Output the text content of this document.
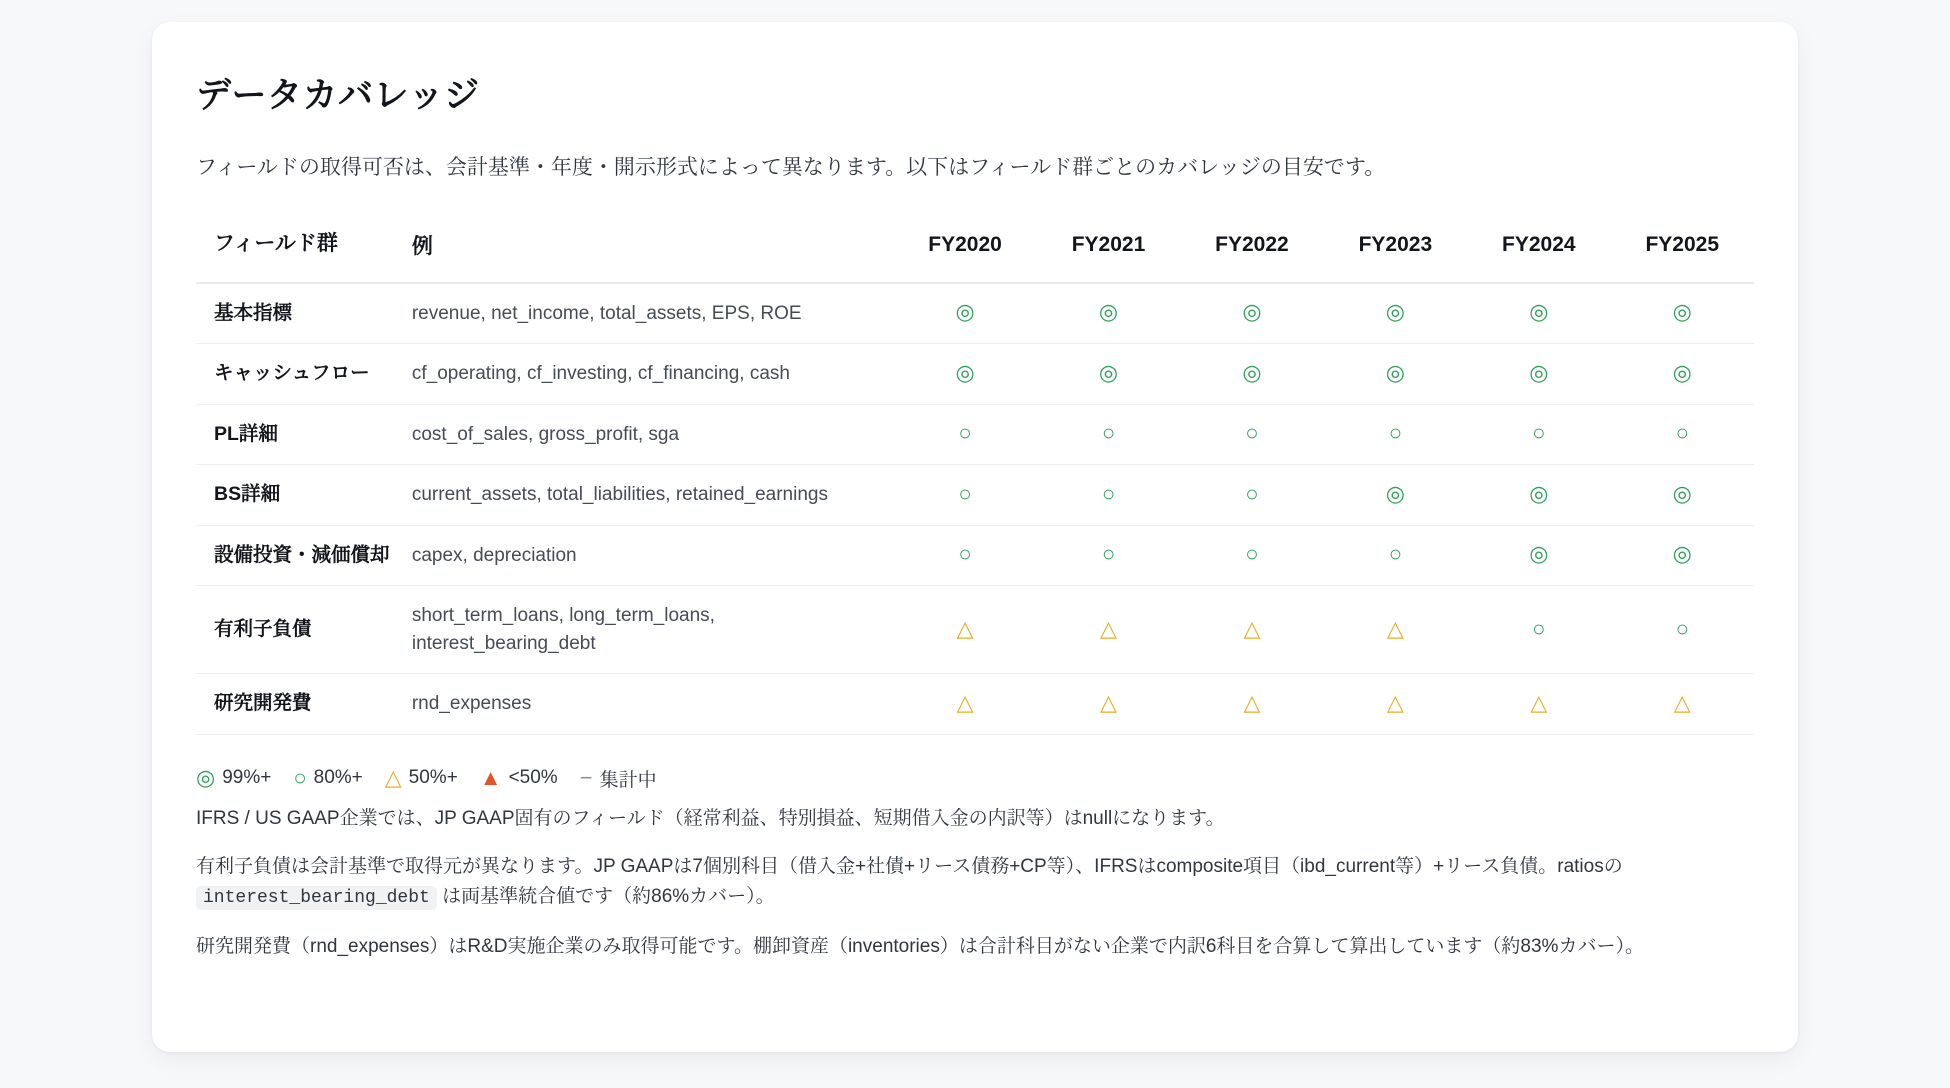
データカバレッジ

フィールドの取得可否は、会計基準・年度・開示形式によって異なります。以下はフィールド群ごとのカバレッジの目安です。

フィールド群	例	FY2020	FY2021	FY2022	FY2023	FY2024	FY2025
基本指標	revenue, net_income, total_assets, EPS, ROE	◎	◎	◎	◎	◎	◎
キャッシュフロー	cf_operating, cf_investing, cf_financing, cash	◎	◎	◎	◎	◎	◎
PL詳細	cost_of_sales, gross_profit, sga	○	○	○	○	○	○
BS詳細	current_assets, total_liabilities, retained_earnings	○	○	○	◎	◎	◎
設備投資・減価償却	capex, depreciation	○	○	○	○	◎	◎
有利子負債	short_term_loans, long_term_loans, interest_bearing_debt	△	△	△	△	○	○
研究開発費	rnd_expenses	△	△	△	△	△	△
◎ 99%+ ○ 80%+ △ 50%+ ▲ <50% − 集計中

IFRS / US GAAP企業では、JP GAAP固有のフィールド（経常利益、特別損益、短期借入金の内訳等）はnullになります。

有利子負債は会計基準で取得元が異なります。JP GAAPは7個別科目（借入金+社債+リース債務+CP等）、IFRSはcomposite項目（ibd_current等）+リース負債。ratiosの interest_bearing_debt は両基準統合値です（約86%カバー）。

研究開発費（rnd_expenses）はR&D実施企業のみ取得可能です。棚卸資産（inventories）は合計科目がない企業で内訳6科目を合算して算出しています（約83%カバー）。
